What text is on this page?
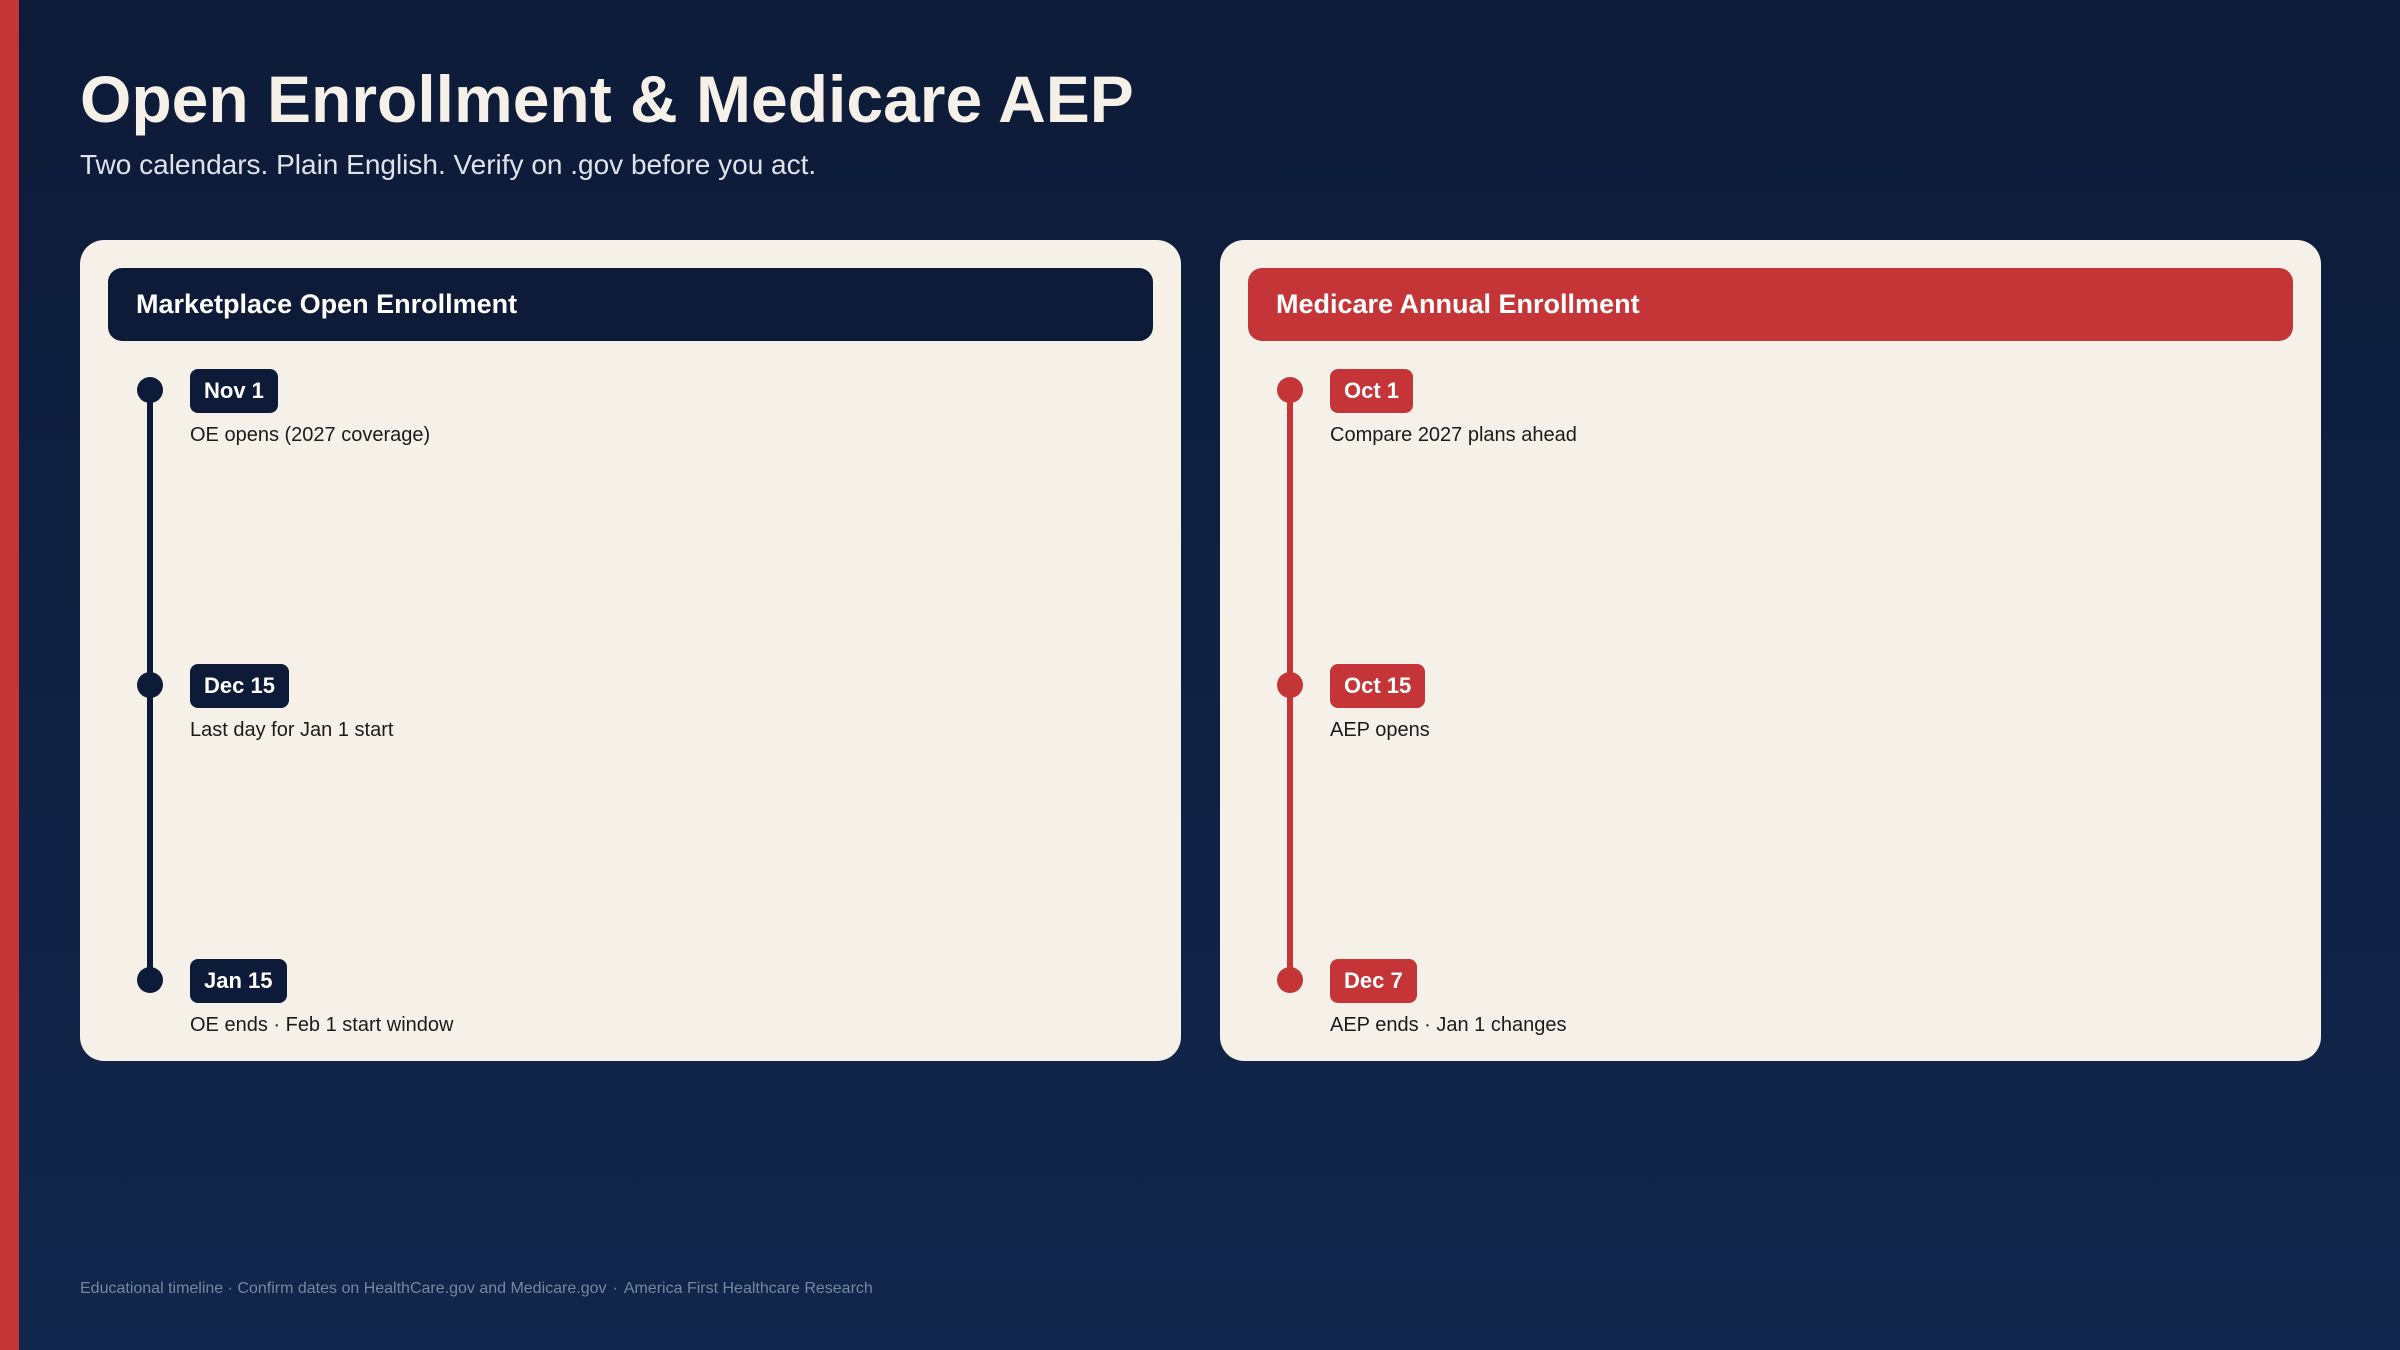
Open Enrollment & Medicare AEP

Two calendars. Plain English. Verify on .gov before you act.

Marketplace Open Enrollment
Nov 1
OE opens (2027 coverage)
Dec 15
Last day for Jan 1 start
Jan 15
OE ends · Feb 1 start window
Medicare Annual Enrollment
Oct 1
Compare 2027 plans ahead
Oct 15
AEP opens
Dec 7
AEP ends · Jan 1 changes
Educational timeline · Confirm dates on HealthCare.gov and Medicare.gov · America First Healthcare Research
